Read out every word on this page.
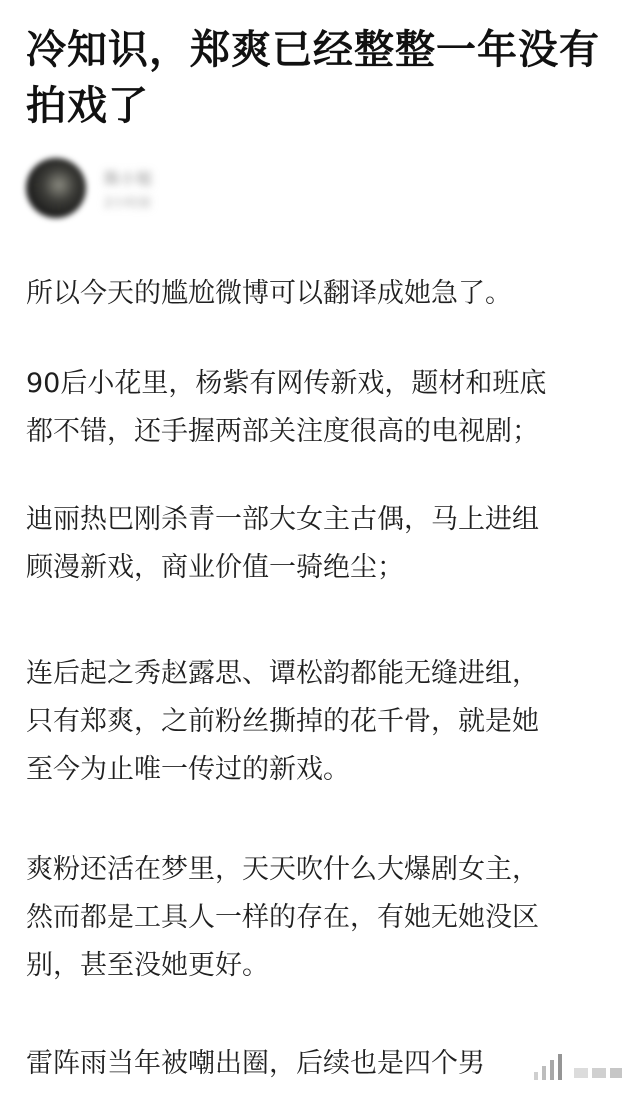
冷知识，郑爽已经整整一年没有拍戏了
陈小旭
2小时前
所以今天的尴尬微博可以翻译成她急了。
90后小花里，杨紫有网传新戏，题材和班底
都不错，还手握两部关注度很高的电视剧；
迪丽热巴刚杀青一部大女主古偶，马上进组
顾漫新戏，商业价值一骑绝尘；
连后起之秀赵露思、谭松韵都能无缝进组，
只有郑爽，之前粉丝撕掉的花千骨，就是她
至今为止唯一传过的新戏。
爽粉还活在梦里，天天吹什么大爆剧女主，
然而都是工具人一样的存在，有她无她没区
别，甚至没她更好。
雷阵雨当年被嘲出圈，后续也是四个男
